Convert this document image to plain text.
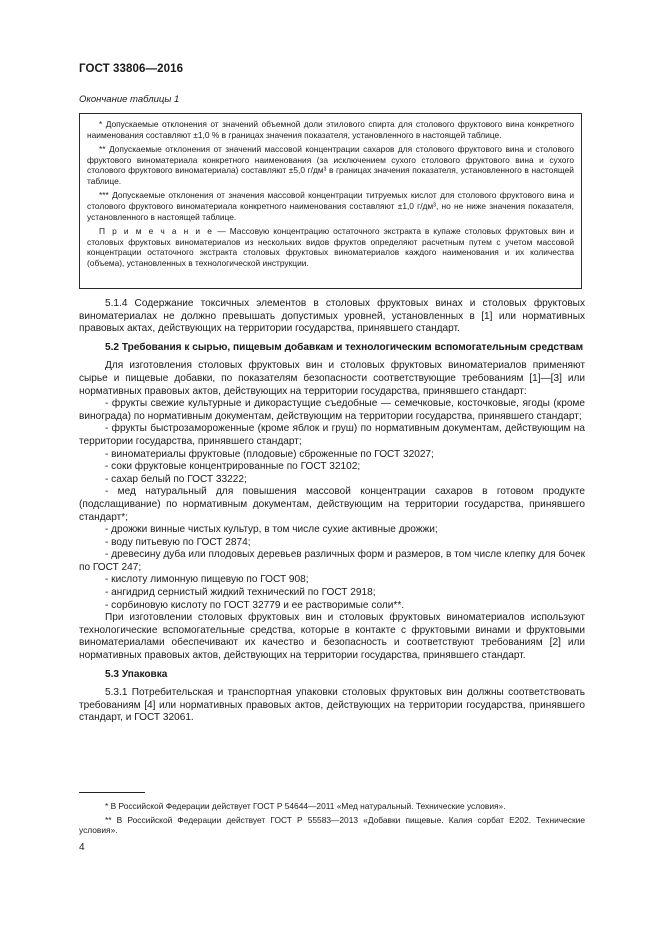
ГОСТ 33806—2016
Окончание таблицы 1

* Допускаемые отклонения от значений объемной доли этилового спирта для столового фруктового вина конкретного наименования составляют ±1,0 % в границах значения показателя, установленного в настоящей таблице.

** Допускаемые отклонения от значений массовой концентрации сахаров для столового фруктового вина и столового фруктового виноматериала конкретного наименования (за исключением сухого столового фруктового вина и сухого столового фруктового виноматериала) составляют ±5,0 г/дм³ в границах значения показателя, установленного в настоящей таблице.

*** Допускаемые отклонения от значения массовой концентрации титруемых кислот для столового фруктового вина и столового фруктового виноматериала конкретного наименования составляют ±1,0 г/дм³, но не ниже значения показателя, установленного в настоящей таблице.

П р и м е ч а н и е — Массовую концентрацию остаточного экстракта в купаже столовых фруктовых вин и столовых фруктовых виноматериалов из нескольких видов фруктов определяют расчетным путем с учетом массовой концентрации остаточного экстракта столовых фруктовых виноматериалов каждого наименования и их количества (объема), установленных в технологической инструкции.

5.1.4 Содержание токсичных элементов в столовых фруктовых винах и столовых фруктовых виноматериалах не должно превышать допустимых уровней, установленных в [1] или нормативных правовых актах, действующих на территории государства, принявшего стандарт.

5.2 Требования к сырью, пищевым добавкам и технологическим вспомогательным средствам

Для изготовления столовых фруктовых вин и столовых фруктовых виноматериалов применяют сырье и пищевые добавки, по показателям безопасности соответствующие требованиям [1]—[3] или нормативных правовых актов, действующих на территории государства, принявшего стандарт:

- фрукты свежие культурные и дикорастущие съедобные — семечковые, косточковые, ягоды (кроме винограда) по нормативным документам, действующим на территории государства, принявшего стандарт;

- фрукты быстрозамороженные (кроме яблок и груш) по нормативным документам, действующим на территории государства, принявшего стандарт;

- виноматериалы фруктовые (плодовые) сброженные по ГОСТ 32027;

- соки фруктовые концентрированные по ГОСТ 32102;

- сахар белый по ГОСТ 33222;

- мед натуральный для повышения массовой концентрации сахаров в готовом продукте (подслащивание) по нормативным документам, действующим на территории государства, принявшего стандарт*;

- дрожжи винные чистых культур, в том числе сухие активные дрожжи;

- воду питьевую по ГОСТ 2874;

- древесину дуба или плодовых деревьев различных форм и размеров, в том числе клепку для бочек по ГОСТ 247;

- кислоту лимонную пищевую по ГОСТ 908;

- ангидрид сернистый жидкий технический по ГОСТ 2918;

- сорбиновую кислоту по ГОСТ 32779 и ее растворимые соли**.

При изготовлении столовых фруктовых вин и столовых фруктовых виноматериалов используют технологические вспомогательные средства, которые в контакте с фруктовыми винами и фруктовыми виноматериалами обеспечивают их качество и безопасность и соответствуют требованиям [2] или нормативных правовых актов, действующих на территории государства, принявшего стандарт.

5.3 Упаковка

5.3.1 Потребительская и транспортная упаковки столовых фруктовых вин должны соответствовать требованиям [4] или нормативных правовых актов, действующих на территории государства, принявшего стандарт, и ГОСТ 32061.

* В Российской Федерации действует ГОСТ Р 54644—2011 «Мед натуральный. Технические условия».

** В Российской Федерации действует ГОСТ Р 55583—2013 «Добавки пищевые. Калия сорбат Е202. Технические условия».

4
